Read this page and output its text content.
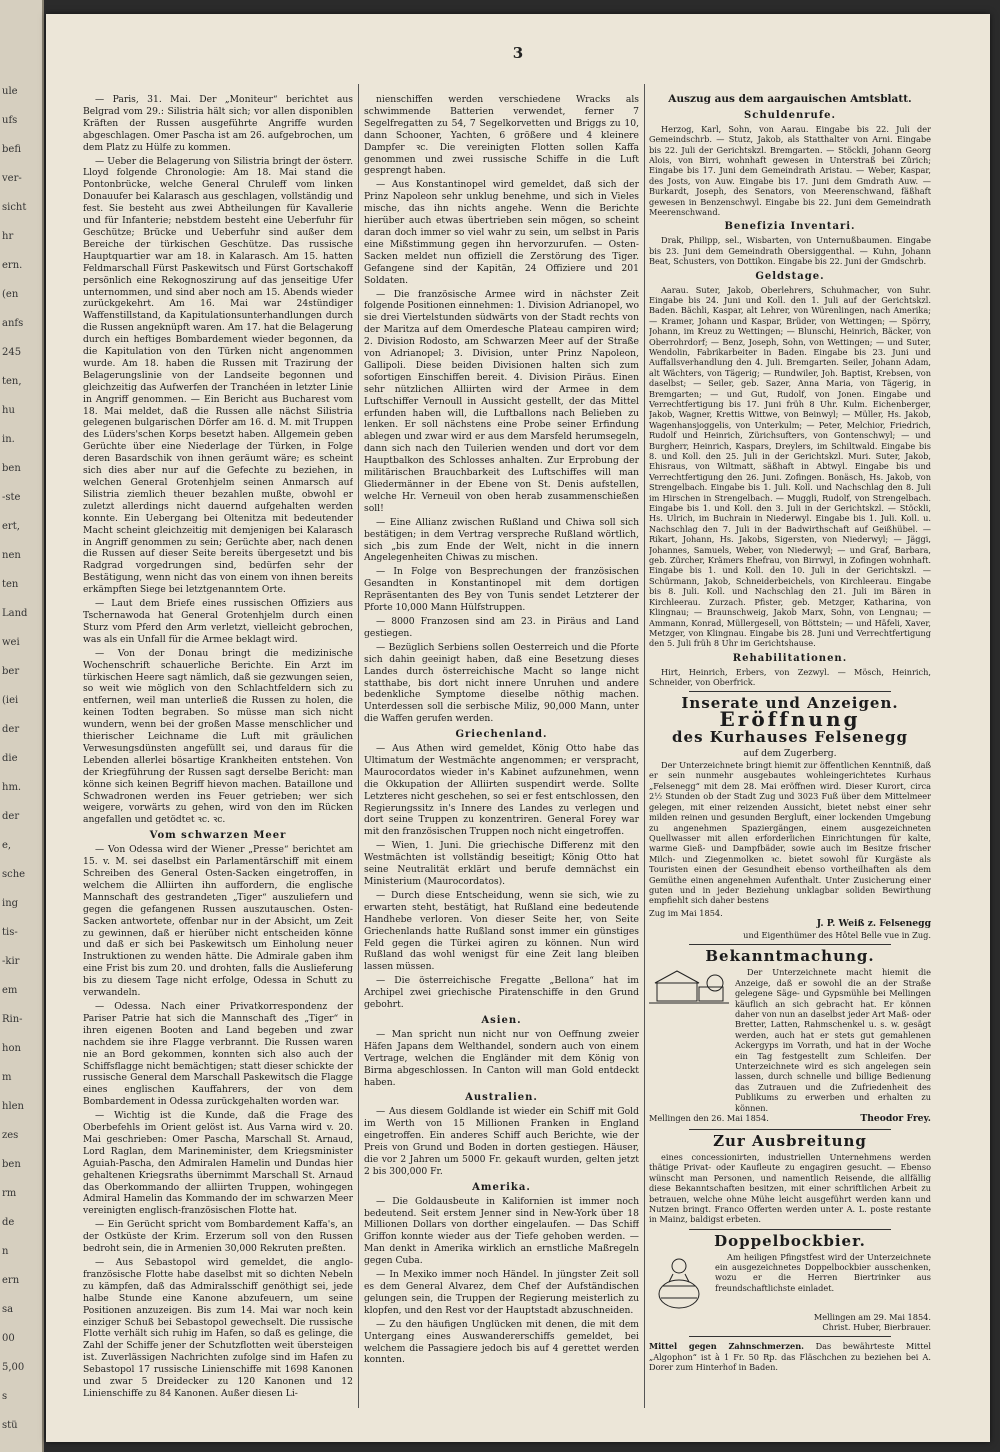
ule
ufs
befi
ver-
sicht
hr
ern.
(en
anfs
245
ten,
hu
in.
ben
-ste
ert,
nen
ten
Land
wei
ber
(iei
der
die
hm.
der
e,
sche
ing
tis-
-kir
em
Rin-
hon
m
hlen
zes
ben
rm
de
n
ern
sa
00
5,00
s
stü
3

— Paris, 31. Mai. Der „Moniteur“ berichtet aus Belgrad vom 29.: Silistria hält sich; vor allen disponiblen Kräften der Russen ausgeführte Angriffe wurden abgeschlagen. Omer Pascha ist am 26. aufgebrochen, um dem Platz zu Hülfe zu kommen.

— Ueber die Belagerung von Silistria bringt der österr. Lloyd folgende Chronologie: Am 18. Mai stand die Pontonbrücke, welche General Chruleff vom linken Donauufer bei Kalarasch aus geschlagen, vollständig und fest. Sie besteht aus zwei Abtheilungen für Kavallerie und für Infanterie; nebstdem besteht eine Ueberfuhr für Geschütze; Brücke und Ueberfuhr sind außer dem Bereiche der türkischen Geschütze. Das russische Hauptquartier war am 18. in Kalarasch. Am 15. hatten Feldmarschall Fürst Paskewitsch und Fürst Gortschakoff persönlich eine Rekognoszirung auf das jenseitige Ufer unternommen, und sind aber noch am 15. Abends wieder zurückgekehrt. Am 16. Mai war 24stündiger Waffenstillstand, da Kapitulationsunterhandlungen durch die Russen angeknüpft waren. Am 17. hat die Belagerung durch ein heftiges Bombardement wieder begonnen, da die Kapitulation von den Türken nicht angenommen wurde. Am 18. haben die Russen mit Trazirung der Belagerungslinie von der Landseite begonnen und gleichzeitig das Aufwerfen der Tranchéen in letzter Linie in Angriff genommen. — Ein Bericht aus Bucharest vom 18. Mai meldet, daß die Russen alle nächst Silistria gelegenen bulgarischen Dörfer am 16. d. M. mit Truppen des Lüders'schen Korps besetzt haben. Allgemein geben Gerüchte über eine Niederlage der Türken, in Folge deren Basardschik von ihnen geräumt wäre; es scheint sich dies aber nur auf die Gefechte zu beziehen, in welchen General Grotenhjelm seinen Anmarsch auf Silistria ziemlich theuer bezahlen mußte, obwohl er zuletzt allerdings nicht dauernd aufgehalten werden konnte. Ein Uebergang bei Oltenitza mit bedeutender Macht scheint gleichzeitig mit demjenigen bei Kalarasch in Angriff genommen zu sein; Gerüchte aber, nach denen die Russen auf dieser Seite bereits übergesetzt und bis Radgrad vorgedrungen sind, bedürfen sehr der Bestätigung, wenn nicht das von einem von ihnen bereits erkämpften Siege bei letztgenanntem Orte.

— Laut dem Briefe eines russischen Offiziers aus Tschernawoda hat General Grotenhjelm durch einen Sturz vom Pferd den Arm verletzt, vielleicht gebrochen, was als ein Unfall für die Armee beklagt wird.

— Von der Donau bringt die medizinische Wochenschrift schauerliche Berichte. Ein Arzt im türkischen Heere sagt nämlich, daß sie gezwungen seien, so weit wie möglich von den Schlachtfeldern sich zu entfernen, weil man unterließ die Russen zu holen, die keinen Todten begraben. So müsse man sich nicht wundern, wenn bei der großen Masse menschlicher und thierischer Leichname die Luft mit gräulichen Verwesungsdünsten angefüllt sei, und daraus für die Lebenden allerlei bösartige Krankheiten entstehen. Von der Kriegführung der Russen sagt derselbe Bericht: man könne sich keinen Begriff hievon machen. Bataillone und Schwadronen werden ins Feuer getrieben; wer sich weigere, vorwärts zu gehen, wird von den im Rücken angefallen und getödtet ꝛc. ꝛc.

Vom schwarzen Meer

— Von Odessa wird der Wiener „Presse“ berichtet am 15. v. M. sei daselbst ein Parlamentärschiff mit einem Schreiben des General Osten-Sacken eingetroffen, in welchem die Alliirten ihn auffordern, die englische Mannschaft des gestrandeten „Tiger“ auszuliefern und gegen die gefangenen Russen auszutauschen. Osten-Sacken antwortete, offenbar nur in der Absicht, um Zeit zu gewinnen, daß er hierüber nicht entscheiden könne und daß er sich bei Paskewitsch um Einholung neuer Instruktionen zu wenden hätte. Die Admirale gaben ihm eine Frist bis zum 20. und drohten, falls die Auslieferung bis zu diesem Tage nicht erfolge, Odessa in Schutt zu verwandeln.

— Odessa. Nach einer Privatkorrespondenz der Pariser Patrie hat sich die Mannschaft des „Tiger“ in ihren eigenen Booten and Land begeben und zwar nachdem sie ihre Flagge verbrannt. Die Russen waren nie an Bord gekommen, konnten sich also auch der Schiffsflagge nicht bemächtigen; statt dieser schickte der russische General dem Marschall Paskewitsch die Flagge eines englischen Kauffahrers, der von dem Bombardement in Odessa zurückgehalten worden war.

— Wichtig ist die Kunde, daß die Frage des Oberbefehls im Orient gelöst ist. Aus Varna wird v. 20. Mai geschrieben: Omer Pascha, Marschall St. Arnaud, Lord Raglan, dem Marineminister, dem Kriegsminister Aguiah-Pascha, den Admiralen Hamelin und Dundas hier gehaltenen Kriegsraths übernimmt Marschall St. Arnaud das Oberkommando der alliirten Truppen, wohingegen Admiral Hamelin das Kommando der im schwarzen Meer vereinigten englisch-französischen Flotte hat.

— Ein Gerücht spricht vom Bombardement Kaffa's, an der Ostküste der Krim. Erzerum soll von den Russen bedroht sein, die in Armenien 30,000 Rekruten preßten.

— Aus Sebastopol wird gemeldet, die anglo-französische Flotte habe daselbst mit so dichten Nebeln zu kämpfen, daß das Admiralsschiff genöthigt sei, jede halbe Stunde eine Kanone abzufeuern, um seine Positionen anzuzeigen. Bis zum 14. Mai war noch kein einziger Schuß bei Sebastopol gewechselt. Die russische Flotte verhält sich ruhig im Hafen, so daß es gelinge, die Zahl der Schiffe jener der Schutzflotten weit übersteigen ist. Zuverlässigen Nachrichten zufolge sind im Hafen zu Sebastopol 17 russische Linienschiffe mit 1698 Kanonen und zwar 5 Dreidecker zu 120 Kanonen und 12 Linienschiffe zu 84 Kanonen. Außer diesen Li-

nienschiffen werden verschiedene Wracks als schwimmende Batterien verwendet, ferner 7 Segelfregatten zu 54, 7 Segelkorvetten und Briggs zu 10, dann Schooner, Yachten, 6 größere und 4 kleinere Dampfer ꝛc. Die vereinigten Flotten sollen Kaffa genommen und zwei russische Schiffe in die Luft gesprengt haben.

— Aus Konstantinopel wird gemeldet, daß sich der Prinz Napoleon sehr unklug benehme, und sich in Vieles mische, das ihn nichts angehe. Wenn die Berichte hierüber auch etwas übertrieben sein mögen, so scheint daran doch immer so viel wahr zu sein, um selbst in Paris eine Mißstimmung gegen ihn hervorzurufen. — Osten-Sacken meldet nun offiziell die Zerstörung des Tiger. Gefangene sind der Kapitän, 24 Offiziere und 201 Soldaten.

— Die französische Armee wird in nächster Zeit folgende Positionen einnehmen: 1. Division Adrianopel, wo sie drei Viertelstunden südwärts von der Stadt rechts von der Maritza auf dem Omerdesche Plateau campiren wird; 2. Division Rodosto, am Schwarzen Meer auf der Straße von Adrianopel; 3. Division, unter Prinz Napoleon, Gallipoli. Diese beiden Divisionen halten sich zum sofortigen Einschiffen bereit. 4. Division Piräus. Einen sehr nützlichen Alliirten wird der Armee in dem Luftschiffer Vernoull in Aussicht gestellt, der das Mittel erfunden haben will, die Luftballons nach Belieben zu lenken. Er soll nächstens eine Probe seiner Erfindung ablegen und zwar wird er aus dem Marsfeld herumsegeln, dann sich nach den Tuilerien wenden und dort vor dem Hauptbalkon des Schlosses anhalten. Zur Erprobung der militärischen Brauchbarkeit des Luftschiffes will man Gliedermänner in der Ebene von St. Denis aufstellen, welche Hr. Verneuil von oben herab zusammenschießen soll!

— Eine Allianz zwischen Rußland und Chiwa soll sich bestätigen; in dem Vertrag verspreche Rußland wörtlich, sich „bis zum Ende der Welt, nicht in die innern Angelegenheiten Chiwas zu mischen.

— In Folge von Besprechungen der französischen Gesandten in Konstantinopel mit dem dortigen Repräsentanten des Bey von Tunis sendet Letzterer der Pforte 10,000 Mann Hülfstruppen.

— 8000 Franzosen sind am 23. in Piräus and Land gestiegen.

— Bezüglich Serbiens sollen Oesterreich und die Pforte sich dahin geeinigt haben, daß eine Besetzung dieses Landes durch österreichische Macht so lange nicht statthabe, bis dort nicht innere Unruhen und andere bedenkliche Symptome dieselbe nöthig machen. Unterdessen soll die serbische Miliz, 90,000 Mann, unter die Waffen gerufen werden.

Griechenland.

— Aus Athen wird gemeldet, König Otto habe das Ultimatum der Westmächte angenommen; er verspracht, Maurocordatos wieder in's Kabinet aufzunehmen, wenn die Okkupation der Alliirten suspendirt werde. Sollte Letzteres nicht geschehen, so sei er fest entschlossen, den Regierungssitz in's Innere des Landes zu verlegen und dort seine Truppen zu konzentriren. General Forey war mit den französischen Truppen noch nicht eingetroffen.

— Wien, 1. Juni. Die griechische Differenz mit den Westmächten ist vollständig beseitigt; König Otto hat seine Neutralität erklärt und berufe demnächst ein Ministerium (Maurocordatos).

— Durch diese Entscheidung, wenn sie sich, wie zu erwarten steht, bestätigt, hat Rußland eine bedeutende Handhebe verloren. Von dieser Seite her, von Seite Griechenlands hatte Rußland sonst immer ein günstiges Feld gegen die Türkei agiren zu können. Nun wird Rußland das wohl wenigst für eine Zeit lang bleiben lassen müssen.

— Die österreichische Fregatte „Bellona“ hat im Archipel zwei griechische Piratenschiffe in den Grund gebohrt.

Asien.

— Man spricht nun nicht nur von Oeffnung zweier Häfen Japans dem Welthandel, sondern auch von einem Vertrage, welchen die Engländer mit dem König von Birma abgeschlossen. In Canton will man Gold entdeckt haben.

Australien.

— Aus diesem Goldlande ist wieder ein Schiff mit Gold im Werth von 15 Millionen Franken in England eingetroffen. Ein anderes Schiff auch Berichte, wie der Preis von Grund und Boden in dorten gestiegen. Häuser, die vor 2 Jahren um 5000 Fr. gekauft wurden, gelten jetzt 2 bis 300,000 Fr.

Amerika.

— Die Goldausbeute in Kalifornien ist immer noch bedeutend. Seit erstem Jenner sind in New-York über 18 Millionen Dollars von dorther eingelaufen. — Das Schiff Griffon konnte wieder aus der Tiefe gehoben werden. — Man denkt in Amerika wirklich an ernstliche Maßregeln gegen Cuba.

— In Mexiko immer noch Händel. In jüngster Zeit soll es dem General Alvarez, dem Chef der Aufständischen gelungen sein, die Truppen der Regierung meisterlich zu klopfen, und den Rest vor der Hauptstadt abzuschneiden.

— Zu den häufigen Unglücken mit denen, die mit dem Untergang eines Auswandererschiffs gemeldet, bei welchem die Passagiere jedoch bis auf 4 gerettet werden konnten.

Auszug aus dem aargauischen Amtsblatt.
Schuldenrufe.

Herzog, Karl, Sohn, von Aarau. Eingabe bis 22. Juli der Gemeindschrb. — Stutz, Jakob, als Statthalter von Arni. Eingabe bis 22. Juli der Gerichtskzl. Bremgarten. — Stöckli, Johann Georg Alois, von Birri, wohnhaft gewesen in Unterstraß bei Zürich; Eingabe bis 17. Juni dem Gemeindrath Aristau. — Weber, Kaspar, des Josts, von Auw. Eingabe bis 17. Juni dem Gmdrath Auw. — Burkardt, Joseph, des Senators, von Meerenschwand, fäßhaft gewesen in Benzenschwyl. Eingabe bis 22. Juni dem Gemeindrath Meerenschwand.

Benefizia Inventari.

Drak, Philipp, sel., Wisbarten, von Unternußbaumen. Eingabe bis 23. Juni dem Gemeindrath Obersiggenthal. — Kuhn, Johann Beat, Schusters, von Dottikon. Eingabe bis 22. Juni der Gmdschrb.

Geldstage.

Aarau. Suter, Jakob, Oberlehrers, Schuhmacher, von Suhr. Eingabe bis 24. Juni und Koll. den 1. Juli auf der Gerichtskzl. Baden. Bächli, Kaspar, alt Lehrer, von Würenlingen, nach Amerika; — Kramer, Johann und Kaspar, Brüder, von Wettingen; — Spörry, Johann, im Kreuz zu Wettingen; — Blunschi, Heinrich, Bäcker, von Oberrohrdorf; — Benz, Joseph, Sohn, von Wettingen; — und Suter, Wendolin, Fabrikarbeiter in Baden. Eingabe bis 23. Juni und Auffallsverhandlung den 4. Juli. Bremgarten. Seiler, Johann Adam, alt Wächters, von Tägerig; — Rundwiler, Joh. Baptist, Krebsen, von daselbst; — Seiler, geb. Sazer, Anna Maria, von Tägerig, in Bremgarten; — und Gut, Rudolf, von Jonen. Eingabe und Verrechtfertigung bis 17. Juni früh 8 Uhr. Kulm. Eichenberger, Jakob, Wagner, Krettis Wittwe, von Beinwyl; — Müller, Hs. Jakob, Wagenhansjoggelis, von Unterkulm; — Peter, Melchior, Friedrich, Rudolf und Heinrich, Zürichsufters, von Gontenschwyl; — und Burgherr, Heinrich, Kaspars, Dreylers, im Schiltwald. Eingabe bis 8. und Koll. den 25. Juli in der Gerichtskzl. Muri. Suter, Jakob, Ehisraus, von Wiltmatt, säßhaft in Abtwyl. Eingabe bis und Verrechtfertigung den 26. Juni. Zofingen. Bonäsch, Hs. Jakob, von Strengelbach. Eingabe bis 1. Juli. Koll. und Nachschlag den 8. Juli im Hirschen in Strengelbach. — Muggli, Rudolf, von Strengelbach. Eingabe bis 1. und Koll. den 3. Juli in der Gerichtskzl. — Stöckli, Hs. Ulrich, im Buchrain in Niederwyl. Eingabe bis 1. Juli. Koll. u. Nachschlag den 7. Juli in der Badwirthschaft auf Geißhübel. — Rikart, Johann, Hs. Jakobs, Sigersten, von Niederwyl; — Jäggi, Johannes, Samuels, Weber, von Niederwyl; — und Graf, Barbara, geb. Zürcher, Krämers Ehefrau, von Birrwyl, in Zofingen wohnhaft. Eingabe bis 1. und Koll. den 10. Juli in der Gerichtskzl. — Schürmann, Jakob, Schneiderbeichels, von Kirchleerau. Eingabe bis 8. Juli. Koll. und Nachschlag den 21. Juli im Bären in Kirchleerau. Zurzach. Pfister, geb. Metzger, Katharina, von Klingnau; — Braunschweig, Jakob Marx, Sohn, von Lengnau; — Ammann, Konrad, Müllergesell, von Böttstein; — und Häfeli, Xaver, Metzger, von Klingnau. Eingabe bis 28. Juni und Verrechtfertigung den 5. Juli früh 8 Uhr im Gerichtshause.

Rehabilitationen.

Hirt, Heinrich, Erbers, von Zezwyl. — Mösch, Heinrich, Schneider, von Oberfrick.

Inserate und Anzeigen.
Eröffnung
des Kurhauses Felsenegg
auf dem Zugerberg.

Der Unterzeichnete bringt hiemit zur öffentlichen Kenntniß, daß er sein nunmehr ausgebautes wohleingerichtetes Kurhaus „Felsenegg“ mit dem 28. Mai eröffnen wird. Dieser Kurort, circa 2½ Stunden ob der Stadt Zug und 3023 Fuß über dem Mittelmeer gelegen, mit einer reizenden Aussicht, bietet nebst einer sehr milden reinen und gesunden Bergluft, einer lockenden Umgebung zu angenehmen Spaziergängen, einem ausgezeichneten Quellwasser mit allen erforderlichen Einrichtungen für kalte, warme Gieß- und Dampfbäder, sowie auch im Besitze frischer Milch- und Ziegenmolken ꝛc. bietet sowohl für Kurgäste als Touristen einen der Gesundheit ebenso vortheilhaften als dem Gemüthe einen angenehmen Aufenthalt. Unter Zusicherung einer guten und in jeder Beziehung unklagbar soliden Bewirthung empfiehlt sich daher bestens

Zug im Mai 1854.
J. P. Weiß z. Felsenegg
und Eigenthümer des Hôtel Belle vue in Zug.
Bekanntmachung.

Der Unterzeichnete macht hiemit die Anzeige, daß er sowohl die an der Straße gelegene Säge- und Gypsmühle bei Mellingen käuflich an sich gebracht hat. Er können daher von nun an daselbst jeder Art Maß- oder Bretter, Latten, Rahmschenkel u. s. w. gesägt werden, auch hat er stets gut gemahlenen Ackergyps im Vorrath, und hat in der Woche ein Tag festgestellt zum Schleifen. Der Unterzeichnete wird es sich angelegen sein lassen, durch schnelle und billige Bedienung das Zutrauen und die Zufriedenheit des Publikums zu erwerben und erhalten zu können.

Mellingen den 26. Mai 1854.	Theodor Frey.
Zur Ausbreitung

eines concessionirten, industriellen Unternehmens werden thätige Privat- oder Kaufleute zu engagiren gesucht. — Ebenso wünscht man Personen, und namentlich Reisende, die allfällig diese Bekanntschaften besitzen, mit einer schriftlichen Arbeit zu betrauen, welche ohne Mühe leicht ausgeführt werden kann und Nutzen bringt. Franco Offerten werden unter A. L. poste restante in Mainz, baldigst erbeten.

Doppelbockbier.

Am heiligen Pfingstfest wird der Unterzeichnete ein ausgezeichnetes Doppelbockbier ausschenken, wozu er die Herren Biertrinker aus freundschaftlichste einladet.

Mellingen am 29. Mai 1854.
Christ. Huber, Bierbrauer.

Mittel gegen Zahnschmerzen. Das bewährteste Mittel „Algophon“ ist à 1 Fr. 50 Rp. das Fläschchen zu beziehen bei A. Dorer zum Hinterhof in Baden.
